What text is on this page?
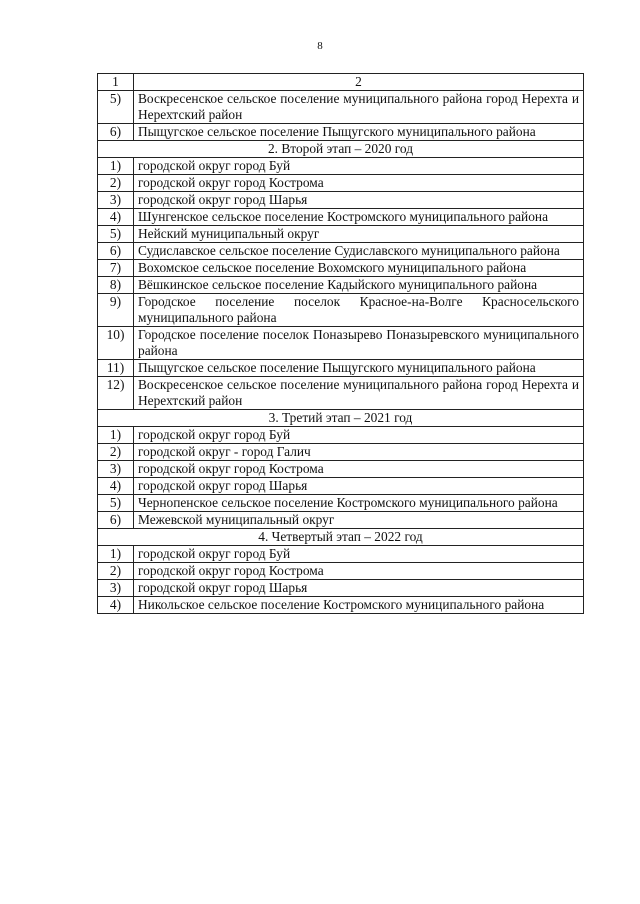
8
1	2
5)	Воскресенское сельское поселение муниципального района город Нерехта и Нерехтский район
6)	Пыщугское сельское поселение Пыщугского муниципального района
2. Второй этап – 2020 год	
1)	городской округ город Буй
2)	городской округ город Кострома
3)	городской округ город Шарья
4)	Шунгенское сельское поселение Костромского муниципального района
5)	Нейский муниципальный округ
6)	Судиславское сельское поселение Судиславского муниципального района
7)	Вохомское сельское поселение Вохомского муниципального района
8)	Вёшкинское сельское поселение Кадыйского муниципального района
9)	Городское поселение поселок Красное-на-Волге Красносельского муниципального района
10)	Городское поселение поселок Поназырево Поназыревского муниципального района
11)	Пыщугское сельское поселение Пыщугского муниципального района
12)	Воскресенское сельское поселение муниципального района город Нерехта и Нерехтский район
3. Третий этап – 2021 год	
1)	городской округ город Буй
2)	городской округ - город Галич
3)	городской округ город Кострома
4)	городской округ город Шарья
5)	Чернопенское сельское поселение Костромского муниципального района
6)	Межевской муниципальный округ
4. Четвертый этап – 2022 год	
1)	городской округ город Буй
2)	городской округ город Кострома
3)	городской округ город Шарья
4)	Никольское сельское поселение Костромского муниципального района
